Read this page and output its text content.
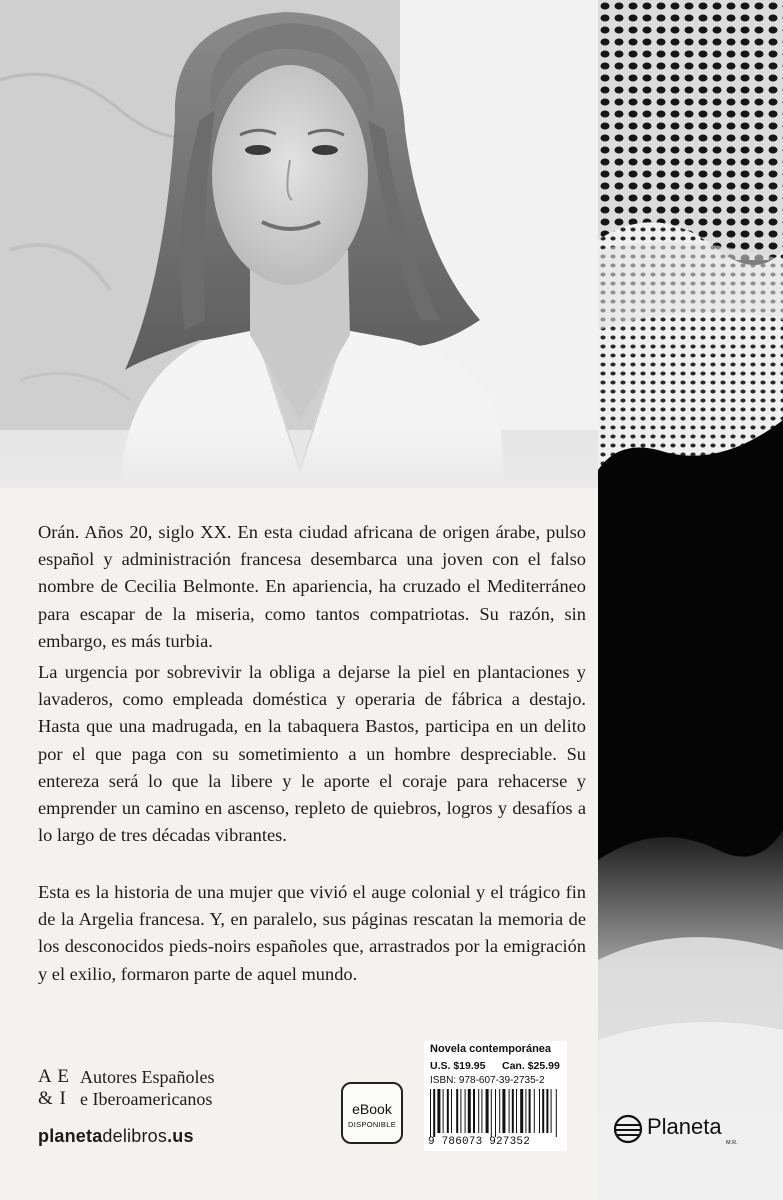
Orán. Años 20, siglo XX. En esta ciudad africana de origen árabe, pulso español y administración francesa desembarca una joven con el falso nombre de Cecilia Belmonte. En apariencia, ha cruzado el Mediterráneo para escapar de la miseria, como tantos compatriotas. Su razón, sin embargo, es más turbia.

La urgencia por sobrevivir la obliga a dejarse la piel en plantaciones y lavaderos, como empleada doméstica y operaria de fábrica a destajo. Hasta que una madrugada, en la tabaquera Bastos, participa en un delito por el que paga con su sometimiento a un hombre despreciable. Su entereza será lo que la libere y le aporte el coraje para rehacerse y emprender un camino en ascenso, repleto de quiebros, logros y desafíos a lo largo de tres décadas vibrantes.

Esta es la historia de una mujer que vivió el auge colonial y el trágico fin de la Argelia francesa. Y, en paralelo, sus páginas rescatan la memoria de los desconocidos pieds-noirs españoles que, arrastrados por la emigración y el exilio, formaron parte de aquel mundo.

A E
& I
Autores Españoles
e Iberoamericanos
planetadelibros.us
eBook
DISPONIBLE
Novela contemporánea
U.S. $19.95 Can. $25.99
ISBN: 978-607-39-2735-2
9 786073 927352
Planeta
M.R.
